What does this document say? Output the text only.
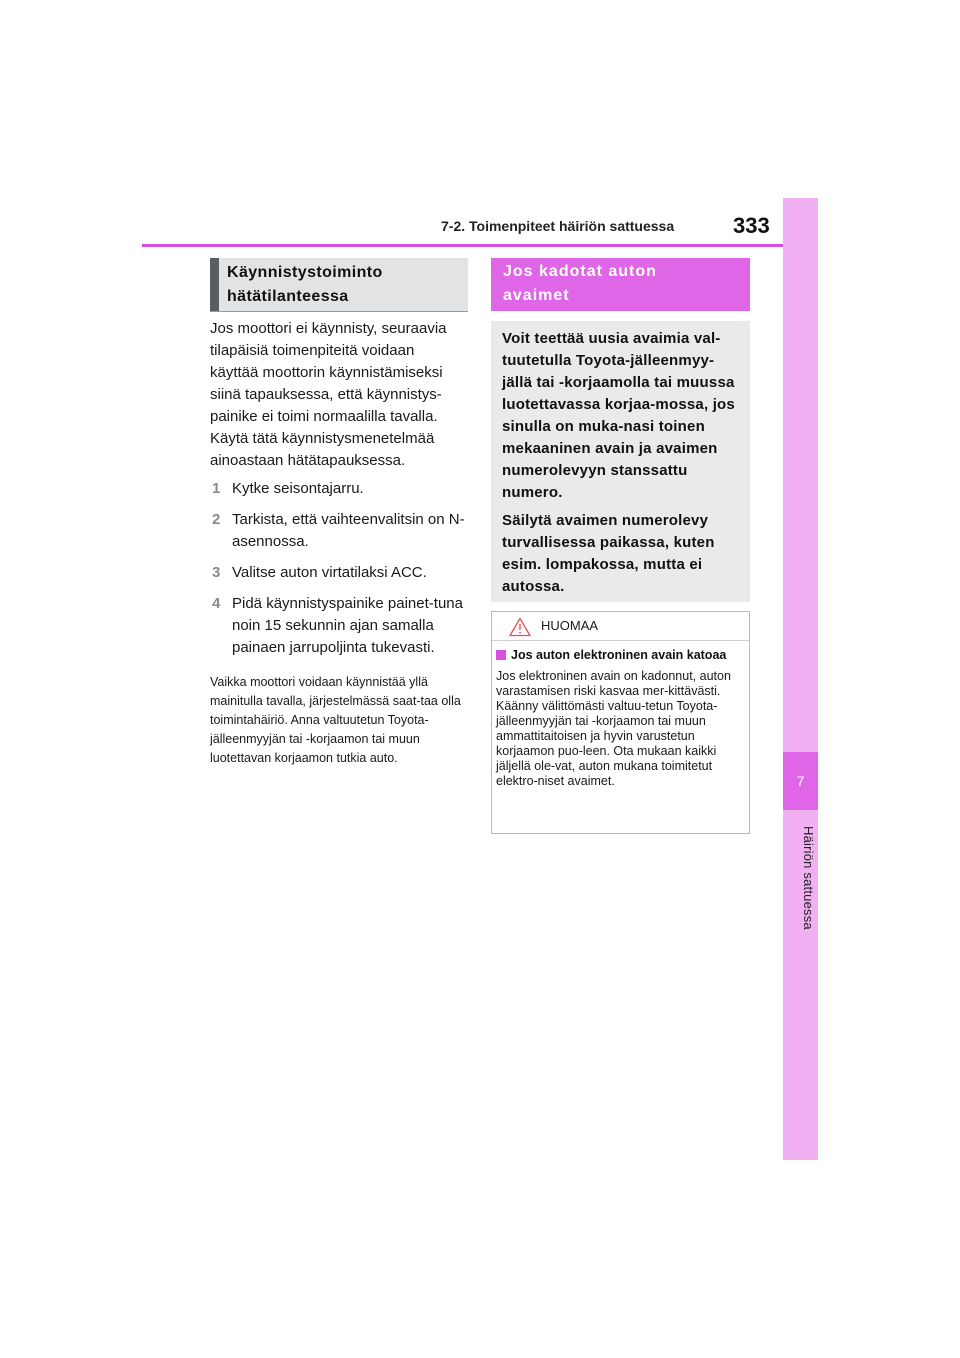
7
Häiriön sattuessa
7-2. Toimenpiteet häiriön sattuessa	333
Käynnistystoiminto
hätätilanteessa

Jos moottori ei käynnisty, seuraavia tilapäisiä toimenpiteitä voidaan käyttää moottorin käynnistämiseksi siinä tapauksessa, että käynnistys-painike ei toimi normaalilla tavalla. Käytä tätä käynnistysmenetelmää ainoastaan hätätapauksessa.

1 Kytke seisontajarru.
2 Tarkista, että vaihteenvalitsin on N-asennossa.
3 Valitse auton virtatilaksi ACC.
4 Pidä käynnistyspainike painet-tuna noin 15 sekunnin ajan samalla painaen jarrupoljinta tukevasti.

Vaikka moottori voidaan käynnistää yllä mainitulla tavalla, järjestelmässä saat-taa olla toimintahäiriö. Anna valtuutetun Toyota-jälleenmyyjän tai -korjaamon tai muun luotettavan korjaamon tutkia auto.

Jos kadotat auton
avaimet

Voit teettää uusia avaimia val-tuutetulla Toyota-jälleenmyy-jällä tai -korjaamolla tai muussa luotettavassa korjaa-mossa, jos sinulla on muka-nasi toinen mekaaninen avain ja avaimen numerolevyyn stanssattu numero.

Säilytä avaimen numerolevy turvallisessa paikassa, kuten esim. lompakossa, mutta ei autossa.

HUOMAA
Jos auton elektroninen avain katoaa

Jos elektroninen avain on kadonnut, auton varastamisen riski kasvaa mer-kittävästi. Käänny välittömästi valtuu-tetun Toyota-jälleenmyyjän tai -korjaamon tai muun ammattitaitoisen ja hyvin varustetun korjaamon puo-leen. Ota mukaan kaikki jäljellä ole-vat, auton mukana toimitetut elektro-niset avaimet.
